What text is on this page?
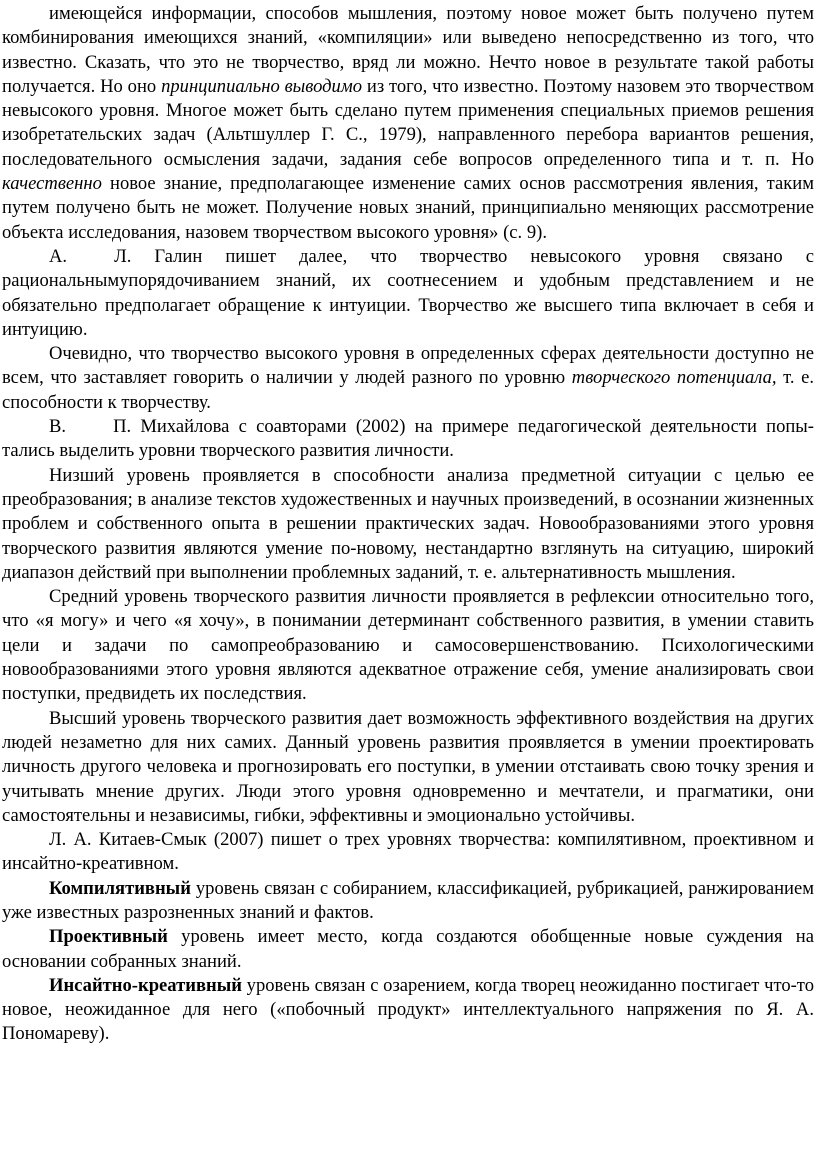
имеющейся информации, способов мышления, поэтому новое может быть получено путем комбинирования имеющихся знаний, «компиляции» или выведено непосредственно из того, что известно. Сказать, что это не творчество, вряд ли можно. Нечто новое в результате такой работы получается. Но оно принципиально выводимо из того, что известно. Поэтому назовем это творчеством невысокого уровня. Многое может быть сделано путем применения специальных приемов решения изобретательских задач (Альтшуллер Г. С., 1979), направленного перебора вариантов решения, последовательного осмысления задачи, задания себе вопросов определенного типа и т. п. Но качественно новое знание, предполагающее изменение самих основ рассмотрения явления, таким путем получено быть не может. Получение новых знаний, принципиально меняющих рассмотрение объекта исследования, назовем творчеством высокого уровня» (с. 9).

А.	Л. Галин пишет далее, что творчество невысокого уровня связано с рациональнымупорядочиванием знаний, их соотнесением и удобным представлением и не обязательно предполагает обращение к интуиции. Творчество же высшего типа включает в себя и интуицию.

Очевидно, что творчество высокого уровня в определенных сферах деятельности доступно не всем, что заставляет говорить о наличии у людей разного по уровню творческого потенциала, т. е. способности к творчеству.

В.	П. Михайлова с соавторами (2002) на примере педагогической деятельности попы-тались выделить уровни творческого развития личности.

Низший уровень проявляется в способности анализа предметной ситуации с целью ее преобразования; в анализе текстов художественных и научных произведений, в осознании жизненных проблем и собственного опыта в решении практических задач. Новообразованиями этого уровня творческого развития являются умение по-новому, нестандартно взглянуть на ситуацию, широкий диапазон действий при выполнении проблемных заданий, т. е. альтернативность мышления.

Средний уровень творческого развития личности проявляется в рефлексии относительно того, что «я могу» и чего «я хочу», в понимании детерминант собственного развития, в умении ставить цели и задачи по самопреобразованию и самосовершенствованию. Психологическими новообразованиями этого уровня являются адекватное отражение себя, умение анализировать свои поступки, предвидеть их последствия.

Высший уровень творческого развития дает возможность эффективного воздействия на других людей незаметно для них самих. Данный уровень развития проявляется в умении проектировать личность другого человека и прогнозировать его поступки, в умении отстаивать свою точку зрения и учитывать мнение других. Люди этого уровня одновременно и мечтатели, и прагматики, они самостоятельны и независимы, гибки, эффективны и эмоционально устойчивы.

Л. А. Китаев-Смык (2007) пишет о трех уровнях творчества: компилятивном, проективном и инсайтно-креативном.

Компилятивный уровень связан с собиранием, классификацией, рубрикацией, ранжированием уже известных разрозненных знаний и фактов.

Проективный уровень имеет место, когда создаются обобщенные новые суждения на основании собранных знаний.

Инсайтно-креативный уровень связан с озарением, когда творец неожиданно постигает что-то новое, неожиданное для него («побочный продукт» интеллектуального напряжения по Я. А. Пономареву).
